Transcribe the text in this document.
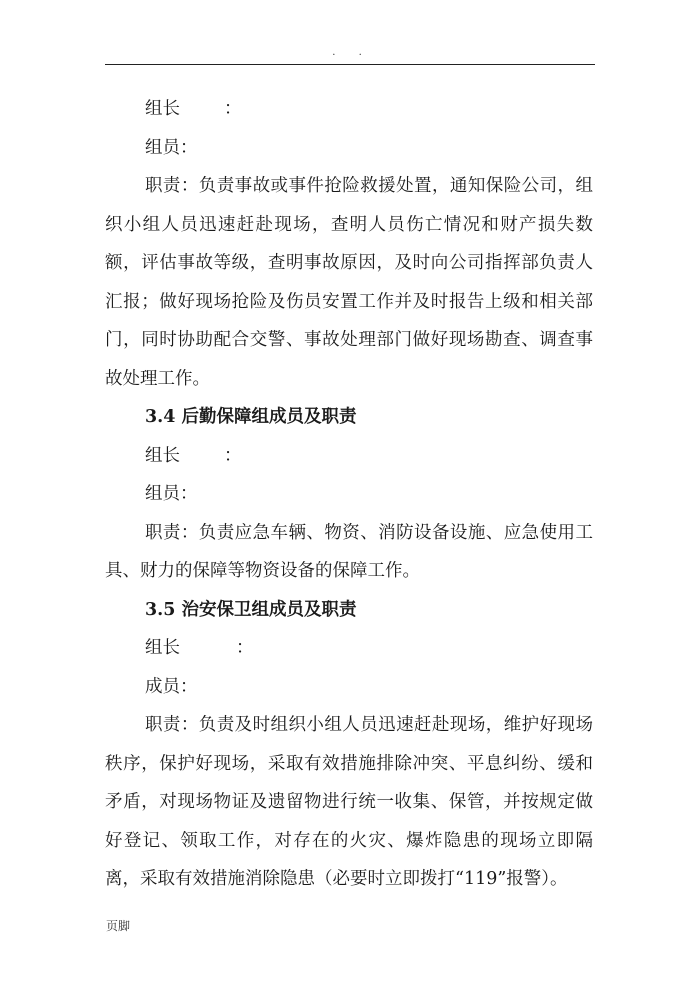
. .
组长	：
组员：

职责：负责事故或事件抢险救援处置，通知保险公司，组织小组人员迅速赶赴现场，查明人员伤亡情况和财产损失数额，评估事故等级，查明事故原因，及时向公司指挥部负责人汇报；做好现场抢险及伤员安置工作并及时报告上级和相关部门，同时协助配合交警、事故处理部门做好现场勘查、调查事故处理工作。

3.4 后勤保障组成员及职责
组长	：
组员：

职责：负责应急车辆、物资、消防设备设施、应急使用工具、财力的保障等物资设备的保障工作。

3.5 治安保卫组成员及职责
组长	：
成员：

职责：负责及时组织小组人员迅速赶赴现场，维护好现场秩序，保护好现场，采取有效措施排除冲突、平息纠纷、缓和矛盾，对现场物证及遗留物进行统一收集、保管，并按规定做好登记、领取工作，对存在的火灾、爆炸隐患的现场立即隔离，采取有效措施消除隐患（必要时立即拨打“119”报警）。

页脚
